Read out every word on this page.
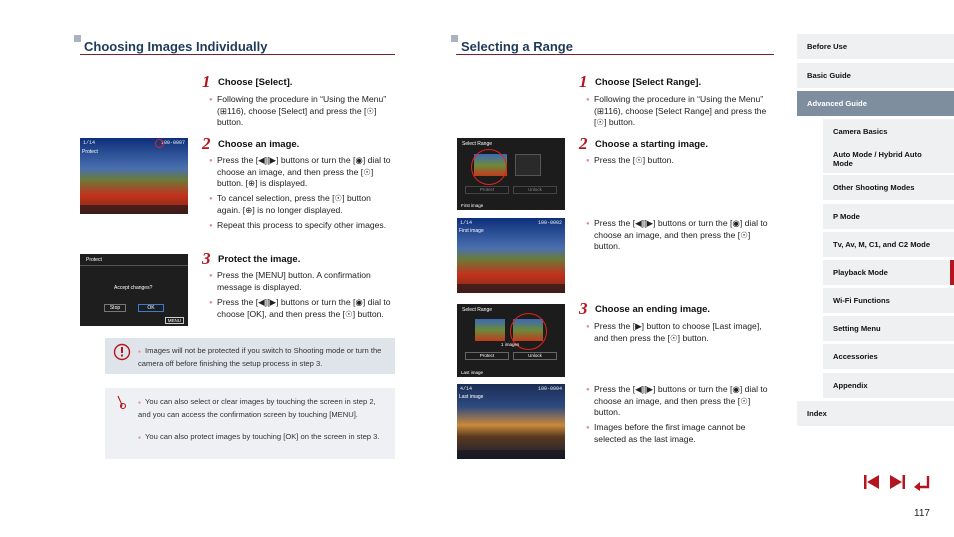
Choosing Images Individually
1 Choose [Select].
● Following the procedure in “Using the Menu” (⊞116), choose [Select] and press the [☉] button.
1/14	100-0007
Protect	2 Choose an image.
● Press the [◀][▶] buttons or turn the [◉] dial to choose an image, and then press the [☉] button. [⊕] is displayed.
● To cancel selection, press the [☉] button again. [⊕] is no longer displayed.
● Repeat this process to specify other images.
Protect
Accept changes?
Stop	OK
MENU
3 Protect the image.
● Press the [MENU] button. A confirmation message is displayed.
● Press the [◀][▶] buttons or turn the [◉] dial to choose [OK], and then press the [☉] button.
● Images will not be protected if you switch to Shooting mode or turn the camera off before finishing the setup process in step 3.
● You can also select or clear images by touching the screen in step 2, and you can access the confirmation screen by touching [MENU].
● You can also protect images by touching [OK] on the screen in step 3.
Selecting a Range
1 Choose [Select Range].
● Following the procedure in “Using the Menu” (⊞116), choose [Select Range] and press the [☉] button.
Select Range
Protect	Unlock
First image
2 Choose a starting image.
● Press the [☉] button.
1/14	100-0002
First image
● Press the [◀][▶] buttons or turn the [◉] dial to choose an image, and then press the [☉] button.
3 Choose an ending image.
● Press the [▶] button to choose [Last image], and then press the [☉] button.
Select Range
1 images
Protect	Unlock
Last image
4/14	100-0004
Last image
● Press the [◀][▶] buttons or turn the [◉] dial to choose an image, and then press the [☉] button.
● Images before the first image cannot be selected as the last image.
Before Use
Basic Guide
Advanced Guide
Camera Basics
Auto Mode / Hybrid Auto Mode
Other Shooting Modes
P Mode
Tv, Av, M, C1, and C2 Mode
Playback Mode
Wi-Fi Functions
Setting Menu
Accessories
Appendix
Index
117
